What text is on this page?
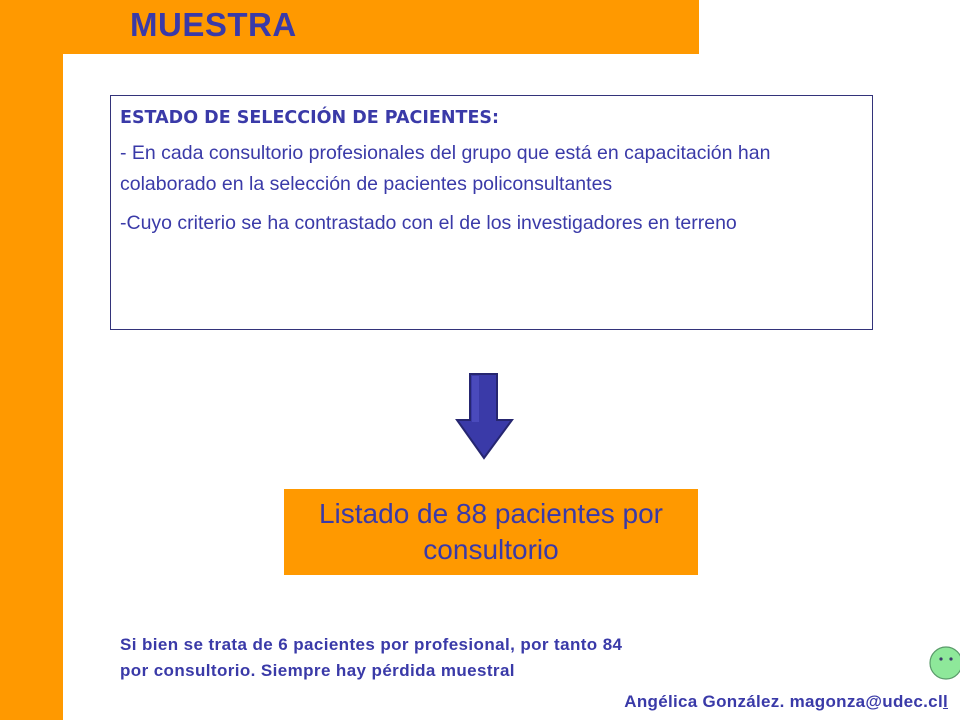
MUESTRA
ESTADO DE SELECCIÓN DE PACIENTES:

- En cada consultorio profesionales del grupo que está en capacitación han colaborado en la selección de pacientes policonsultantes

-Cuyo criterio se ha contrastado con el de los investigadores en terreno

Listado de 88 pacientes por consultorio
Si bien se trata de 6 pacientes por profesional, por tanto 84
por consultorio. Siempre hay pérdida muestral
Angélica González. magonza@udec.cll
